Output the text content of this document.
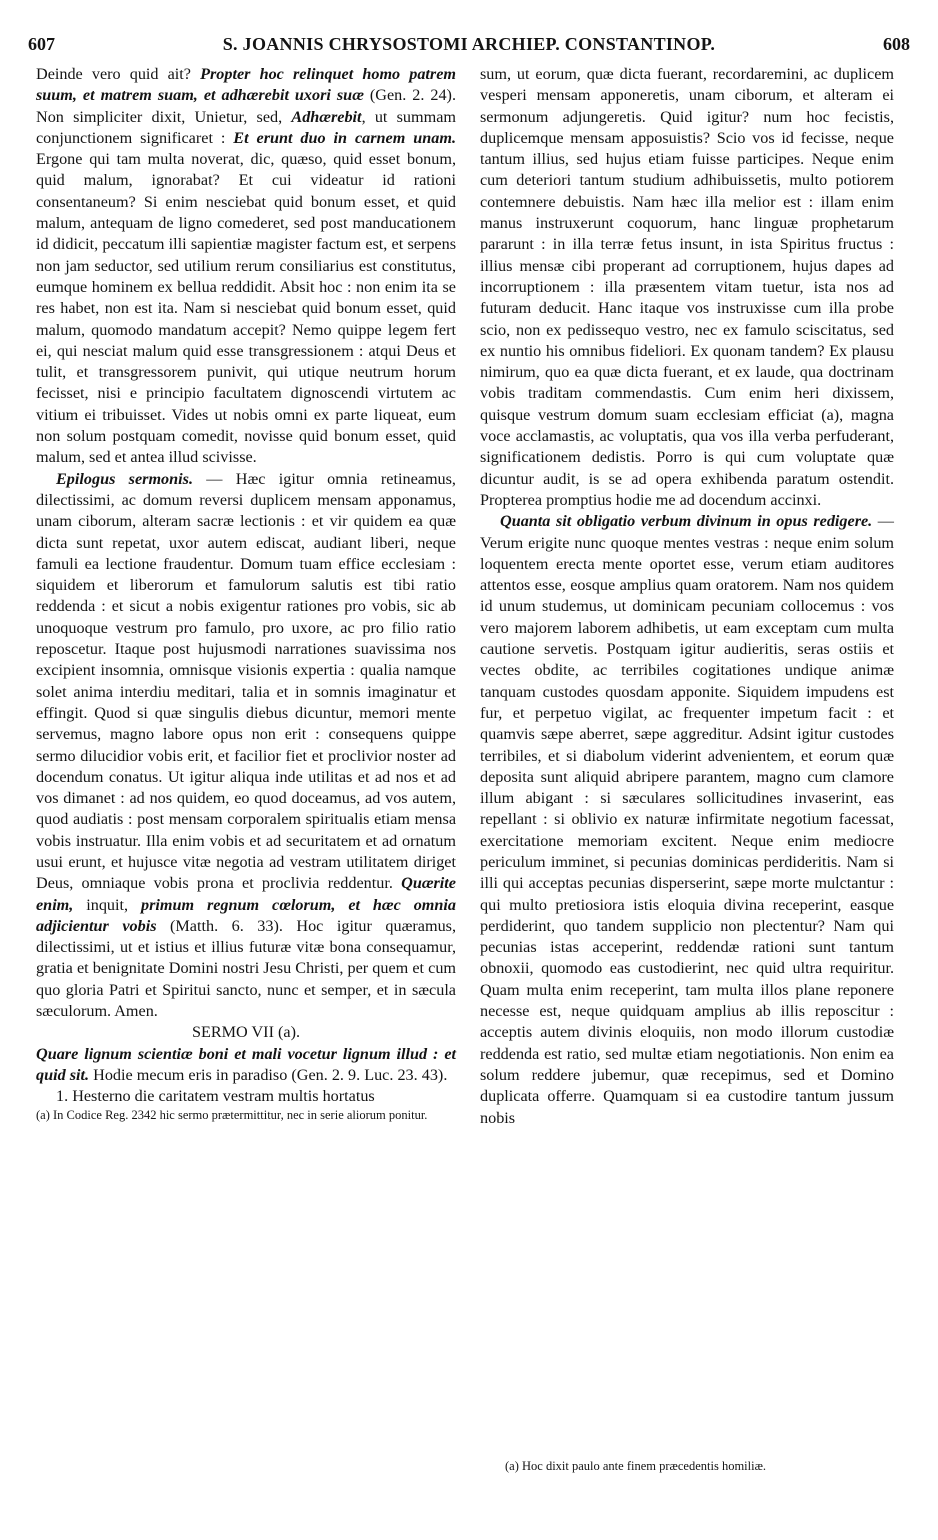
607	S. JOANNIS CHRYSOSTOMI ARCHIEP. CONSTANTINOP.	608

Deinde vero quid ait? Propter hoc relinquet homo patrem suum, et matrem suam, et adhærebit uxori suæ (Gen. 2. 24). Non simpliciter dixit, Unietur, sed, Adhærebit, ut summam conjunctionem significaret : Et erunt duo in carnem unam. Ergone qui tam multa noverat, dic, quæso, quid esset bonum, quid malum, ignorabat? Et cui videatur id rationi consentaneum? Si enim nesciebat quid bonum esset, et quid malum, antequam de ligno comederet, sed post manducationem id didicit, peccatum illi sapientiæ magister factum est, et serpens non jam seductor, sed utilium rerum consiliarius est constitutus, eumque hominem ex bellua reddidit. Absit hoc : non enim ita se res habet, non est ita. Nam si nesciebat quid bonum esset, quid malum, quomodo mandatum accepit? Nemo quippe legem fert ei, qui nesciat malum quid esse transgressionem : atqui Deus et tulit, et transgressorem punivit, qui utique neutrum horum fecisset, nisi e principio facultatem dignoscendi virtutem ac vitium ei tribuisset. Vides ut nobis omni ex parte liqueat, eum non solum postquam comedit, novisse quid bonum esset, quid malum, sed et antea illud scivisse.

Epilogus sermonis. — Hæc igitur omnia retineamus, dilectissimi, ac domum reversi duplicem mensam apponamus, unam ciborum, alteram sacræ lectionis : et vir quidem ea quæ dicta sunt repetat, uxor autem ediscat, audiant liberi, neque famuli ea lectione fraudentur. Domum tuam effice ecclesiam : siquidem et liberorum et famulorum salutis est tibi ratio reddenda : et sicut a nobis exigentur rationes pro vobis, sic ab unoquoque vestrum pro famulo, pro uxore, ac pro filio ratio reposcetur. Itaque post hujusmodi narrationes suavissima nos excipient insomnia, omnisque visionis expertia : qualia namque solet anima interdiu meditari, talia et in somnis imaginatur et effingit. Quod si quæ singulis diebus dicuntur, memori mente servemus, magno labore opus non erit : consequens quippe sermo dilucidior vobis erit, et facilior fiet et proclivior noster ad docendum conatus. Ut igitur aliqua inde utilitas et ad nos et ad vos dimanet : ad nos quidem, eo quod doceamus, ad vos autem, quod audiatis : post mensam corporalem spiritualis etiam mensa vobis instruatur. Illa enim vobis et ad securitatem et ad ornatum usui erunt, et hujusce vitæ negotia ad vestram utilitatem diriget Deus, omniaque vobis prona et proclivia reddentur. Quærite enim, inquit, primum regnum cœlorum, et hæc omnia adjicientur vobis (Matth. 6. 33). Hoc igitur quæramus, dilectissimi, ut et istius et illius futuræ vitæ bona consequamur, gratia et benignitate Domini nostri Jesu Christi, per quem et cum quo gloria Patri et Spiritui sancto, nunc et semper, et in sæcula sæculorum. Amen.

SERMO VII (a).

Quare lignum scientiæ boni et mali vocetur lignum illud : et quid sit. Hodie mecum eris in paradiso (Gen. 2. 9. Luc. 23. 43).

1. Hesterno die caritatem vestram multis hortatus

(a) In Codice Reg. 2342 hic sermo prætermittitur, nec in serie aliorum ponitur.

sum, ut eorum, quæ dicta fuerant, recordaremini, ac duplicem vesperi mensam apponeretis, unam ciborum, et alteram ei sermonum adjungeretis. Quid igitur? num hoc fecistis, duplicemque mensam apposuistis? Scio vos id fecisse, neque tantum illius, sed hujus etiam fuisse participes. Neque enim cum deteriori tantum studium adhibuissetis, multo potiorem contemnere debuistis. Nam hæc illa melior est : illam enim manus instruxerunt coquorum, hanc linguæ prophetarum pararunt : in illa terræ fetus insunt, in ista Spiritus fructus : illius mensæ cibi properant ad corruptionem, hujus dapes ad incorruptionem : illa præsentem vitam tuetur, ista nos ad futuram deducit. Hanc itaque vos instruxisse cum illa probe scio, non ex pedissequo vestro, nec ex famulo sciscitatus, sed ex nuntio his omnibus fideliori. Ex quonam tandem? Ex plausu nimirum, quo ea quæ dicta fuerant, et ex laude, qua doctrinam vobis traditam commendastis. Cum enim heri dixissem, quisque vestrum domum suam ecclesiam efficiat (a), magna voce acclamastis, ac voluptatis, qua vos illa verba perfuderant, significationem dedistis. Porro is qui cum voluptate quæ dicuntur audit, is se ad opera exhibenda paratum ostendit. Propterea promptius hodie me ad docendum accinxi.

Quanta sit obligatio verbum divinum in opus redigere. — Verum erigite nunc quoque mentes vestras : neque enim solum loquentem erecta mente oportet esse, verum etiam auditores attentos esse, eosque amplius quam oratorem. Nam nos quidem id unum studemus, ut dominicam pecuniam collocemus : vos vero majorem laborem adhibetis, ut eam exceptam cum multa cautione servetis. Postquam igitur audieritis, seras ostiis et vectes obdite, ac terribiles cogitationes undique animæ tanquam custodes quosdam apponite. Siquidem impudens est fur, et perpetuo vigilat, ac frequenter impetum facit : et quamvis sæpe aberret, sæpe aggreditur. Adsint igitur custodes terribiles, et si diabolum viderint advenientem, et eorum quæ deposita sunt aliquid abripere parantem, magno cum clamore illum abigant : si sæculares sollicitudines invaserint, eas repellant : si oblivio ex naturæ infirmitate negotium facessat, exercitatione memoriam excitent. Neque enim mediocre periculum imminet, si pecunias dominicas perdideritis. Nam si illi qui acceptas pecunias disperserint, sæpe morte mulctantur : qui multo pretiosiora istis eloquia divina receperint, easque perdiderint, quo tandem supplicio non plectentur? Nam qui pecunias istas acceperint, reddendæ rationi sunt tantum obnoxii, quomodo eas custodierint, nec quid ultra requiritur. Quam multa enim receperint, tam multa illos plane reponere necesse est, neque quidquam amplius ab illis reposcitur : acceptis autem divinis eloquiis, non modo illorum custodiæ reddenda est ratio, sed multæ etiam negotiationis. Non enim ea solum reddere jubemur, quæ recepimus, sed et Domino duplicata offerre. Quamquam si ea custodire tantum jussum nobis

(a) Hoc dixit paulo ante finem præcedentis homiliæ.
